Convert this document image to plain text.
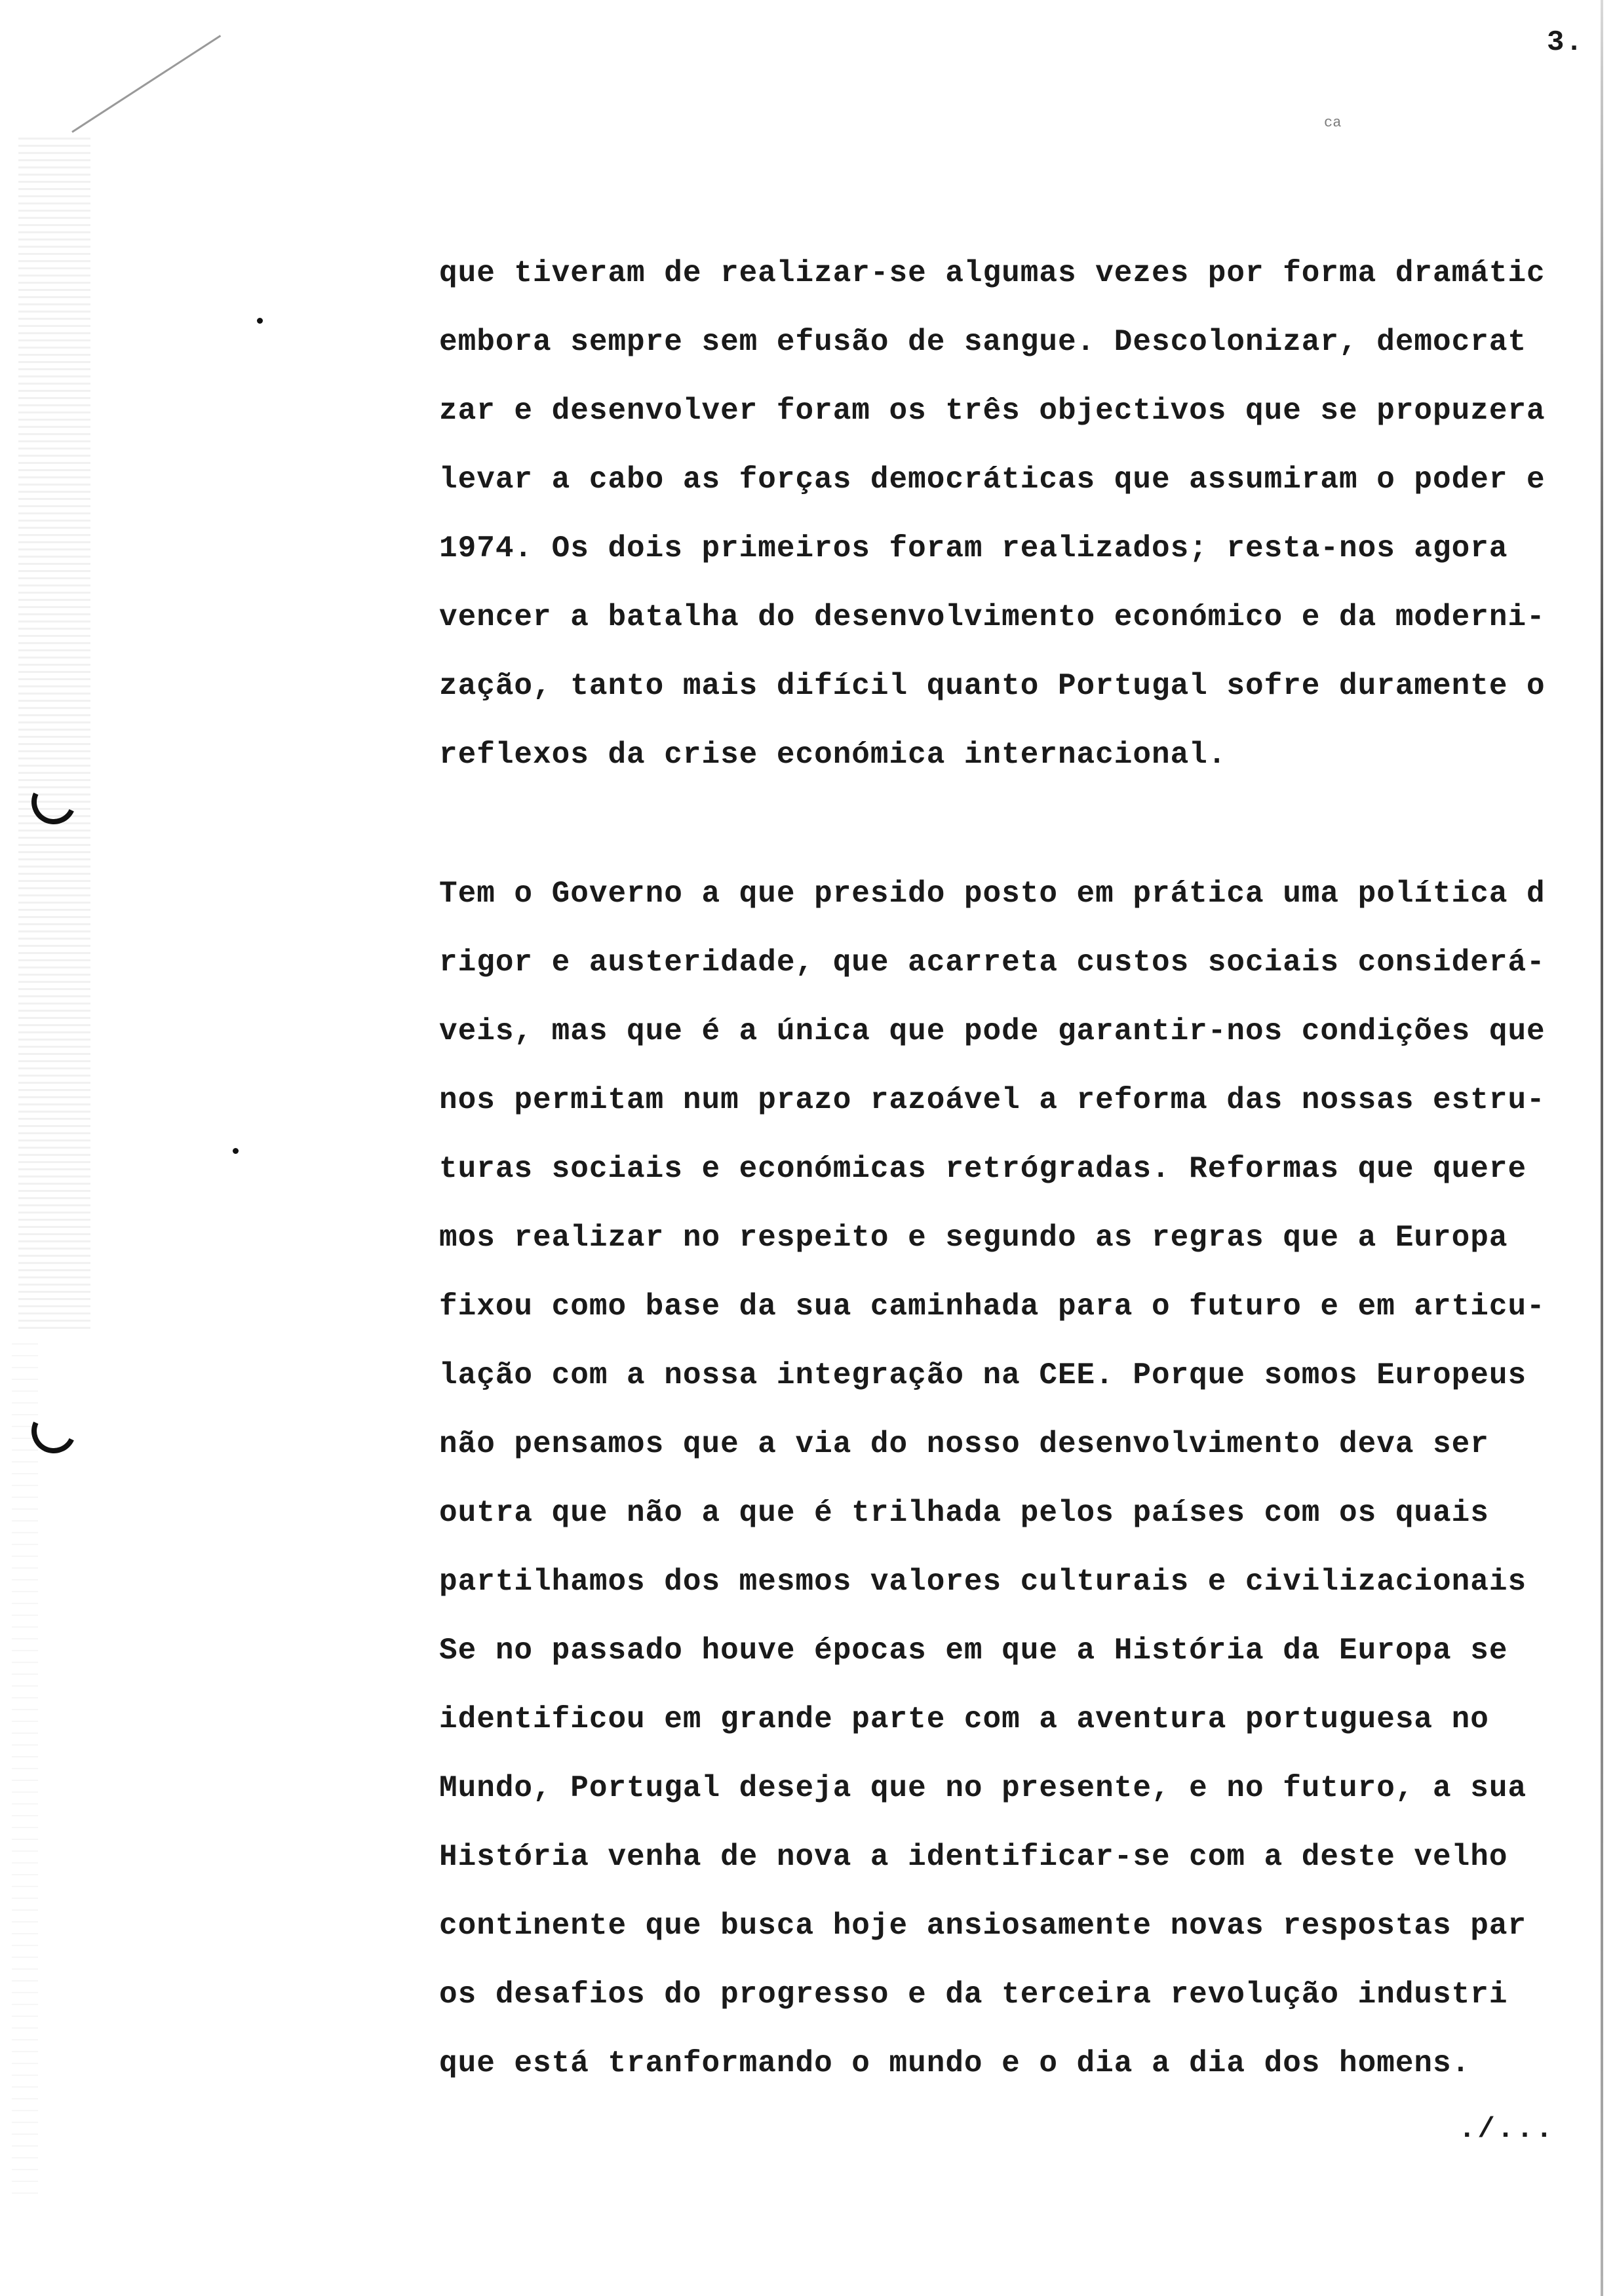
3.
ca

que tiveram de realizar-se algumas vezes por forma dramátic
embora sempre sem efusão de sangue. Descolonizar, democrat
zar e desenvolver foram os três objectivos que se propuzera
levar a cabo as forças democráticas que assumiram o poder e
1974. Os dois primeiros foram realizados; resta-nos agora
vencer a batalha do desenvolvimento económico e da moderni-
zação, tanto mais difícil quanto Portugal sofre duramente o
reflexos da crise económica internacional.

Tem o Governo a que presido posto em prática uma política d
rigor e austeridade, que acarreta custos sociais considerá-
veis, mas que é a única que pode garantir-nos condições que
nos permitam num prazo razoável a reforma das nossas estru-
turas sociais e económicas retrógradas. Reformas que quere
mos realizar no respeito e segundo as regras que a Europa
fixou como base da sua caminhada para o futuro e em articu-
lação com a nossa integração na CEE. Porque somos Europeus
não pensamos que a via do nosso desenvolvimento deva ser
outra que não a que é trilhada pelos países com os quais
partilhamos dos mesmos valores culturais e civilizacionais
Se no passado houve épocas em que a História da Europa se
identificou em grande parte com a aventura portuguesa no
Mundo, Portugal deseja que no presente, e no futuro, a sua
História venha de nova a identificar-se com a deste velho
continente que busca hoje ansiosamente novas respostas par
os desafios do progresso e da terceira revolução industri
que está tranformando o mundo e o dia a dia dos homens.

./...
